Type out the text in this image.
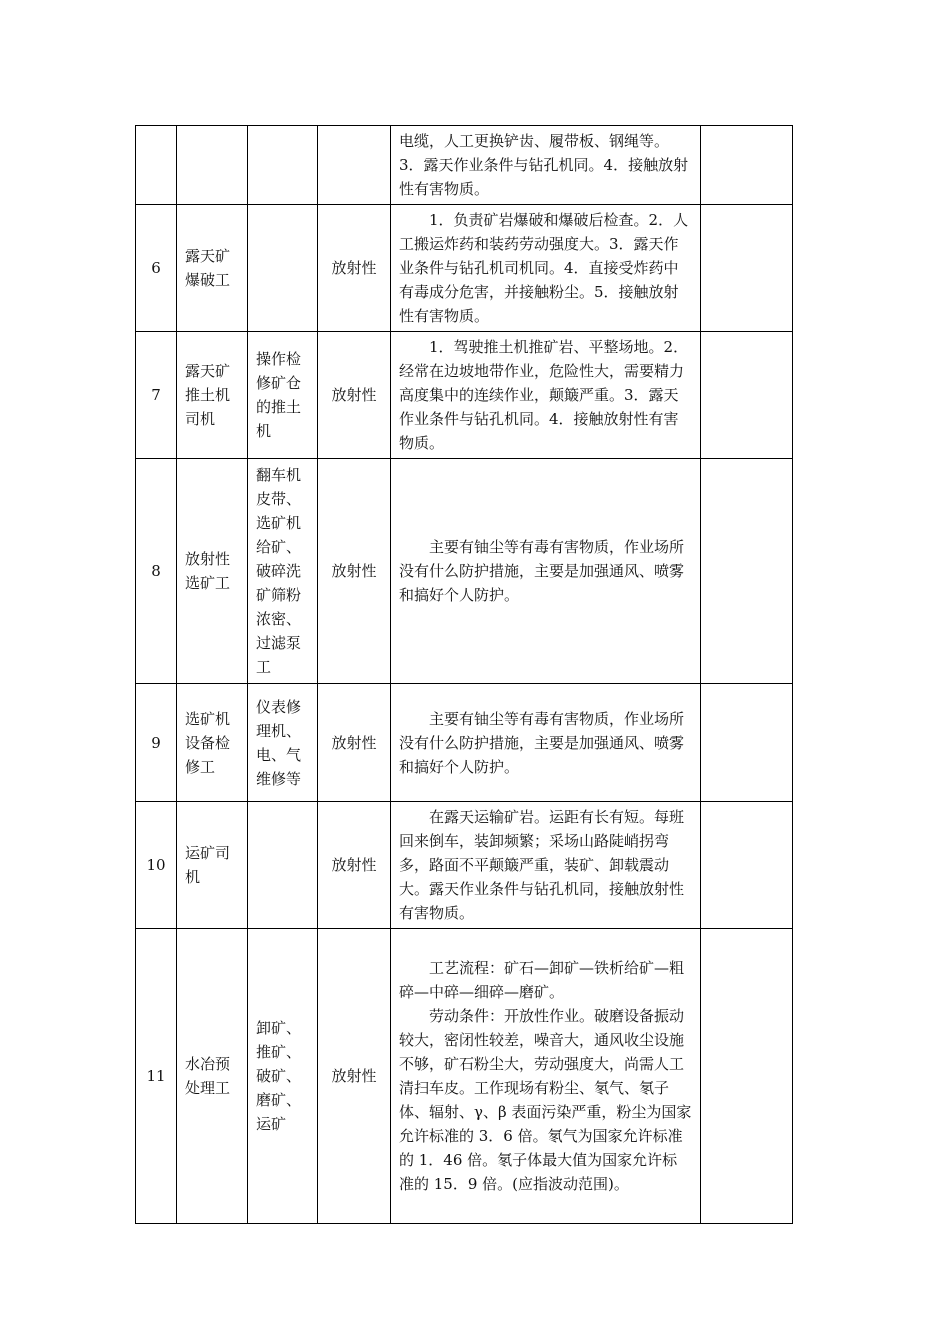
				电缆，人工更换铲齿、履带板、钢绳等。3．露天作业条件与钻孔机同。4．接触放射性有害物质。	

6	露天矿爆破工		放射性	1．负责矿岩爆破和爆破后检查。2．人工搬运炸药和装药劳动强度大。3．露天作业条件与钻孔机司机同。4．直接受炸药中有毒成分危害，并接触粉尘。5．接触放射性有害物质。	

7	露天矿推土机司机	操作检修矿仓的推土机	放射性	1．驾驶推土机推矿岩、平整场地。2．经常在边坡地带作业，危险性大，需要精力高度集中的连续作业，颠簸严重。3．露天作业条件与钻孔机同。4．接触放射性有害物质。	

8	放射性选矿工	翻车机皮带、选矿机给矿、破碎洗矿筛粉浓密、过滤泵工	放射性	主要有铀尘等有毒有害物质，作业场所没有什么防护措施，主要是加强通风、喷雾和搞好个人防护。	

9	选矿机设备检修工	仪表修理机、电、气维修等	放射性	主要有铀尘等有毒有害物质，作业场所没有什么防护措施，主要是加强通风、喷雾和搞好个人防护。	

10	运矿司机		放射性	在露天运输矿岩。运距有长有短。每班回来倒车，装卸频繁；采场山路陡峭拐弯多，路面不平颠簸严重，装矿、卸载震动大。露天作业条件与钻孔机同，接触放射性有害物质。	

11	水冶预处理工	卸矿、推矿、破矿、磨矿、运矿	放射性	工艺流程：矿石—卸矿—铁析给矿—粗碎—中碎—细碎—磨矿。

劳动条件：开放性作业。破磨设备振动较大，密闭性较差，噪音大，通风收尘设施不够，矿石粉尘大，劳动强度大，尚需人工清扫车皮。工作现场有粉尘、氡气、氡子体、辐射、γ、β 表面污染严重，粉尘为国家允许标准的 3．6 倍。氡气为国家允许标准的 1．46 倍。氡子体最大值为国家允许标准的 15．9 倍。(应指波动范围)。	
